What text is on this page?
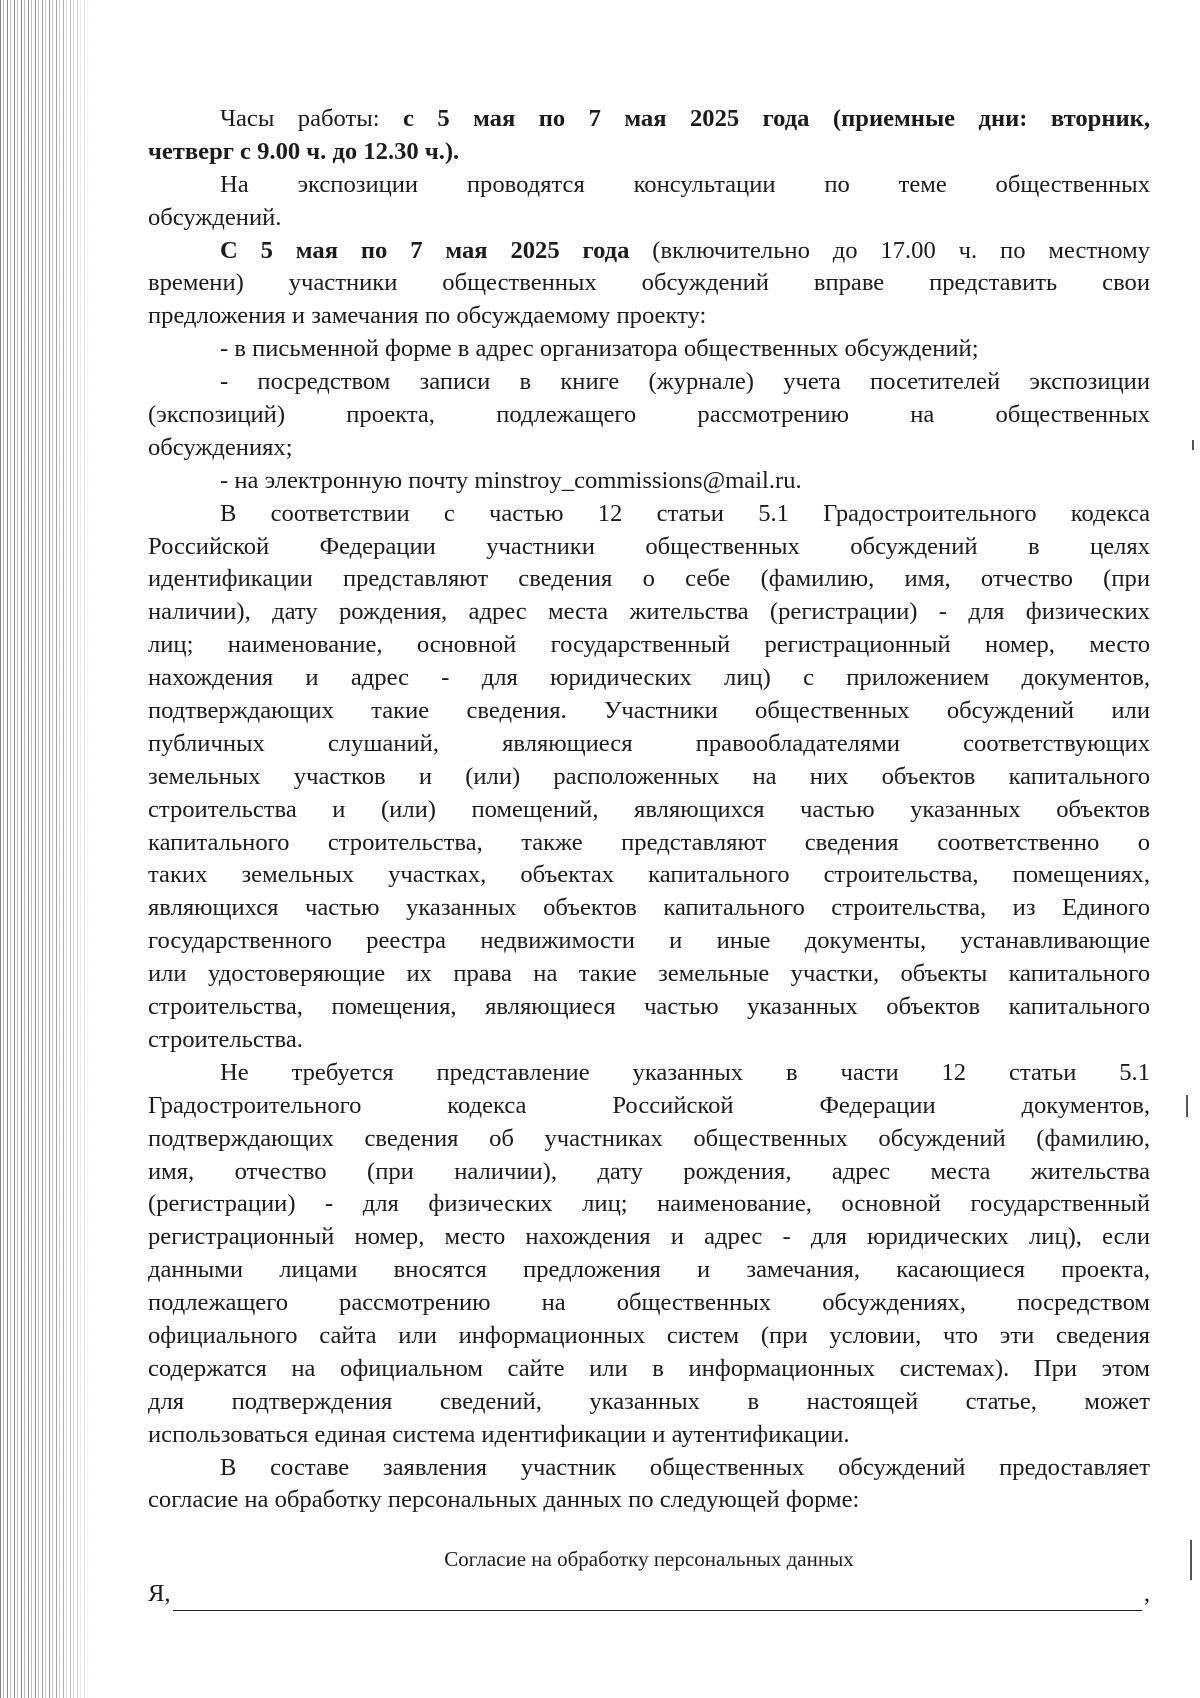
Часы работы: с 5 мая по 7 мая 2025 года (приемные дни: вторник,
четверг с 9.00 ч. до 12.30 ч.).
На экспозиции проводятся консультации по теме общественных
обсуждений.
С 5 мая по 7 мая 2025 года (включительно до 17.00 ч. по местному
времени) участники общественных обсуждений вправе представить свои
предложения и замечания по обсуждаемому проекту:
- в письменной форме в адрес организатора общественных обсуждений;
- посредством записи в книге (журнале) учета посетителей экспозиции
(экспозиций) проекта, подлежащего рассмотрению на общественных
обсуждениях;
- на электронную почту minstroy_commissions@mail.ru.
В соответствии с частью 12 статьи 5.1 Градостроительного кодекса
Российской Федерации участники общественных обсуждений в целях
идентификации представляют сведения о себе (фамилию, имя, отчество (при
наличии), дату рождения, адрес места жительства (регистрации) - для физических
лиц; наименование, основной государственный регистрационный номер, место
нахождения и адрес - для юридических лиц) с приложением документов,
подтверждающих такие сведения. Участники общественных обсуждений или
публичных слушаний, являющиеся правообладателями соответствующих
земельных участков и (или) расположенных на них объектов капитального
строительства и (или) помещений, являющихся частью указанных объектов
капитального строительства, также представляют сведения соответственно о
таких земельных участках, объектах капитального строительства, помещениях,
являющихся частью указанных объектов капитального строительства, из Единого
государственного реестра недвижимости и иные документы, устанавливающие
или удостоверяющие их права на такие земельные участки, объекты капитального
строительства, помещения, являющиеся частью указанных объектов капитального
строительства.
Не требуется представление указанных в части 12 статьи 5.1
Градостроительного кодекса Российской Федерации документов,
подтверждающих сведения об участниках общественных обсуждений (фамилию,
имя, отчество (при наличии), дату рождения, адрес места жительства
(регистрации) - для физических лиц; наименование, основной государственный
регистрационный номер, место нахождения и адрес - для юридических лиц), если
данными лицами вносятся предложения и замечания, касающиеся проекта,
подлежащего рассмотрению на общественных обсуждениях, посредством
официального сайта или информационных систем (при условии, что эти сведения
содержатся на официальном сайте или в информационных системах). При этом
для подтверждения сведений, указанных в настоящей статье, может
использоваться единая система идентификации и аутентификации.
В составе заявления участник общественных обсуждений предоставляет
согласие на обработку персональных данных по следующей форме:
Согласие на обработку персональных данных
Я,	,
